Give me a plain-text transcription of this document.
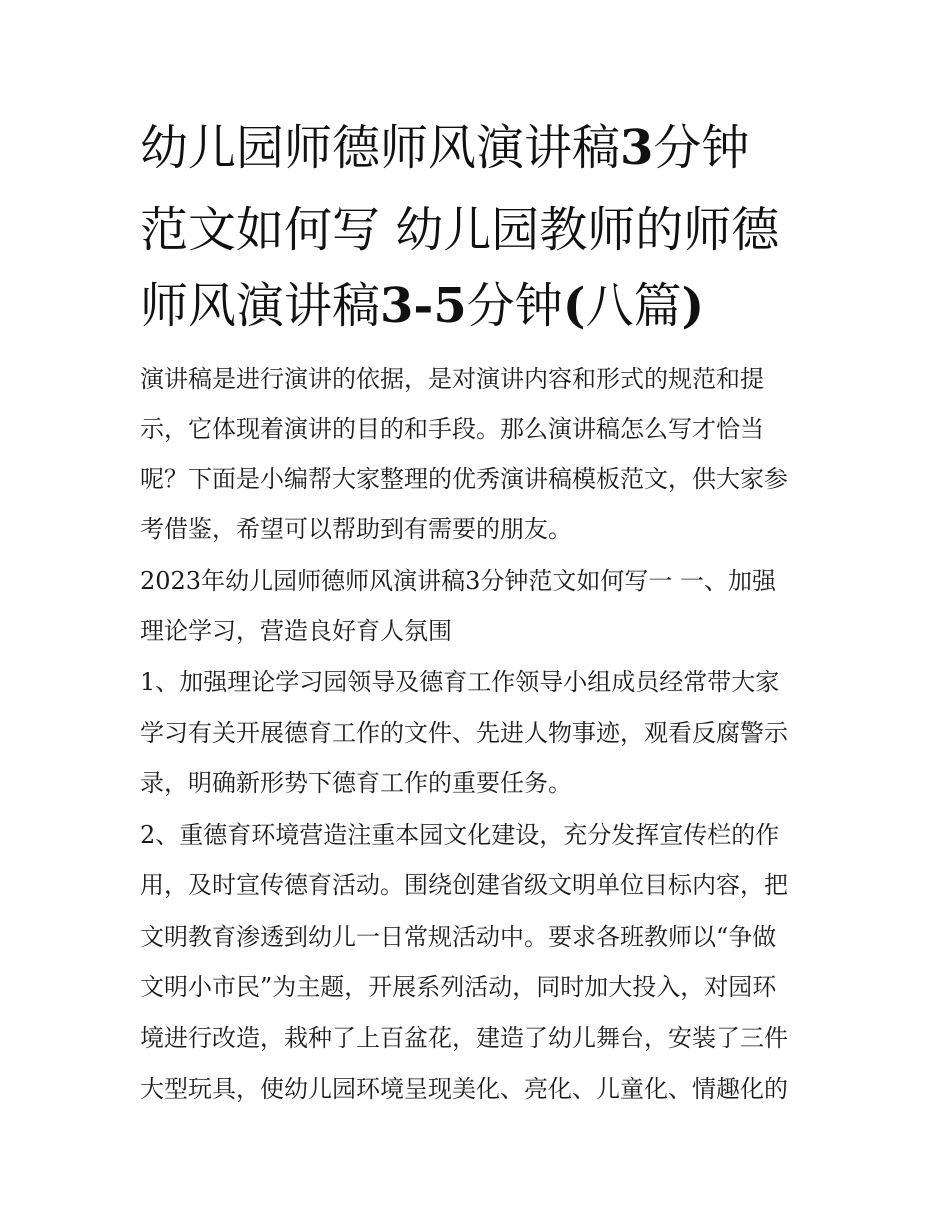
幼儿园师德师风演讲稿3分钟
范文如何写 幼儿园教师的师德
师风演讲稿3-5分钟(八篇)
演讲稿是进行演讲的依据，是对演讲内容和形式的规范和提
示，它体现着演讲的目的和手段。那么演讲稿怎么写才恰当
呢？下面是小编帮大家整理的优秀演讲稿模板范文，供大家参
考借鉴，希望可以帮助到有需要的朋友。
2023年幼儿园师德师风演讲稿3分钟范文如何写一 一、加强
理论学习，营造良好育人氛围
1、加强理论学习园领导及德育工作领导小组成员经常带大家
学习有关开展德育工作的文件、先进人物事迹，观看反腐警示
录，明确新形势下德育工作的重要任务。
2、重德育环境营造注重本园文化建设，充分发挥宣传栏的作
用，及时宣传德育活动。围绕创建省级文明单位目标内容，把
文明教育渗透到幼儿一日常规活动中。要求各班教师以“争做
文明小市民”为主题，开展系列活动，同时加大投入，对园环
境进行改造，栽种了上百盆花，建造了幼儿舞台，安装了三件
大型玩具，使幼儿园环境呈现美化、亮化、儿童化、情趣化的
